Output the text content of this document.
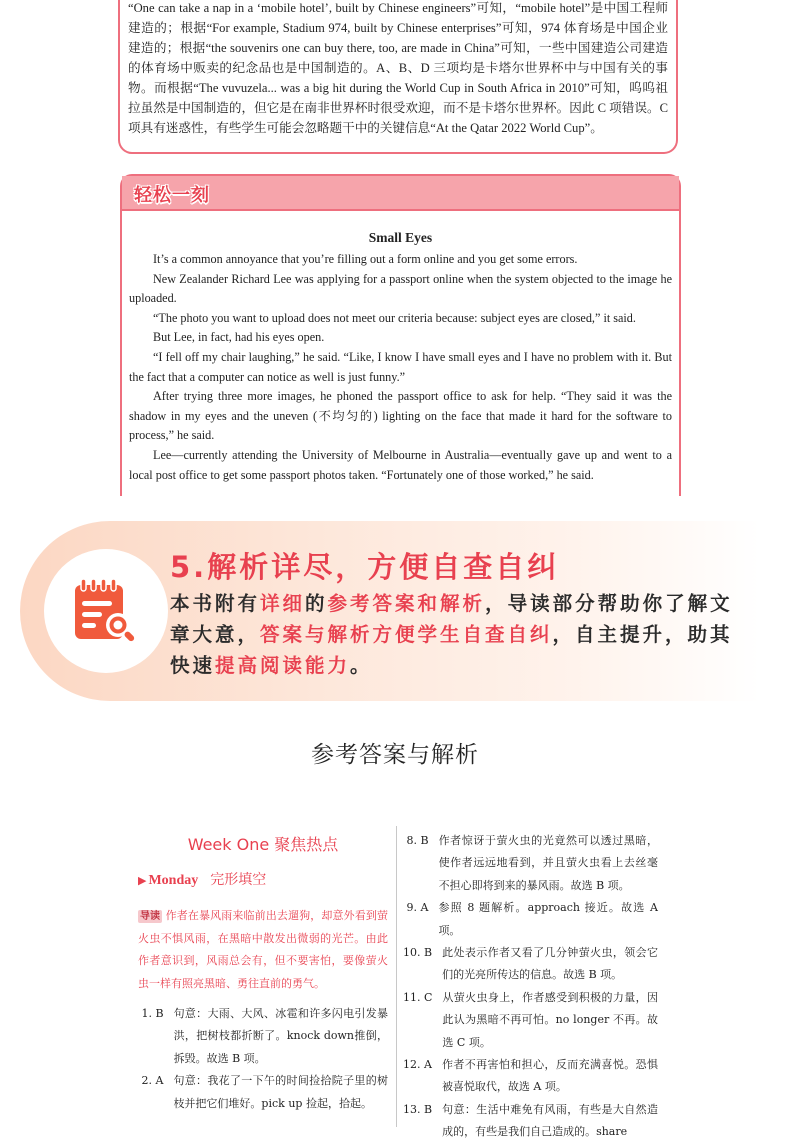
“One can take a nap in a ‘mobile hotel’, built by Chinese engineers”可知，“mobile hotel”是中国工程师建造的；根据“For example, Stadium 974, built by Chinese enterprises”可知，974 体育场是中国企业建造的；根据“the souvenirs one can buy there, too, are made in China”可知，一些中国建造公司建造的体育场中贩卖的纪念品也是中国制造的。A、B、D 三项均是卡塔尔世界杯中与中国有关的事物。而根据“The vuvuzela... was a big hit during the World Cup in South Africa in 2010”可知，呜呜祖拉虽然是中国制造的，但它是在南非世界杯时很受欢迎，而不是卡塔尔世界杯。因此 C 项错误。C 项具有迷惑性，有些学生可能会忽略题干中的关键信息“At the Qatar 2022 World Cup”。

轻松一刻
Small Eyes

It’s a common annoyance that you’re filling out a form online and you get some errors.

New Zealander Richard Lee was applying for a passport online when the system objected to the image he uploaded.

“The photo you want to upload does not meet our criteria because: subject eyes are closed,” it said.

But Lee, in fact, had his eyes open.

“I fell off my chair laughing,” he said. “Like, I know I have small eyes and I have no problem with it. But the fact that a computer can notice as well is just funny.”

After trying three more images, he phoned the passport office to ask for help. “They said it was the shadow in my eyes and the uneven (不均匀的) lighting on the face that made it hard for the software to process,” he said.

Lee—currently attending the University of Melbourne in Australia—eventually gave up and went to a local post office to get some passport photos taken. “Fortunately one of those worked,” he said.

5.解析详尽，方便自查自纠
本书附有详细的参考答案和解析，导读部分帮助你了解文章大意，答案与解析方便学生自查自纠，自主提升，助其快速提高阅读能力。
参考答案与解析
Week One 聚焦热点
▶ Monday 完形填空
导读 作者在暴风雨来临前出去遛狗，却意外看到萤火虫不惧风雨，在黑暗中散发出微弱的光芒。由此作者意识到，风雨总会有，但不要害怕，要像萤火虫一样有照亮黑暗、勇往直前的勇气。
1. B 句意：大雨、大风、冰雹和许多闪电引发暴洪，把树枝都折断了。knock down推倒，拆毁。故选 B 项。
2. A 句意：我花了一下午的时间捡拾院子里的树枝并把它们堆好。pick up 捡起，拾起。
8. B 作者惊讶于萤火虫的光竟然可以透过黑暗，使作者远远地看到，并且萤火虫看上去丝毫不担心即将到来的暴风雨。故选 B 项。
9. A 参照 8 题解析。approach 接近。故选 A 项。
10. B 此处表示作者又看了几分钟萤火虫，领会它们的光亮所传达的信息。故选 B 项。
11. C 从萤火虫身上，作者感受到积极的力量，因此认为黑暗不再可怕。no longer 不再。故选 C 项。
12. A 作者不再害怕和担心，反而充满喜悦。恐惧被喜悦取代，故选 A 项。
13. B 句意：生活中难免有风雨，有些是大自然造成的，有些是我们自己造成的。share
